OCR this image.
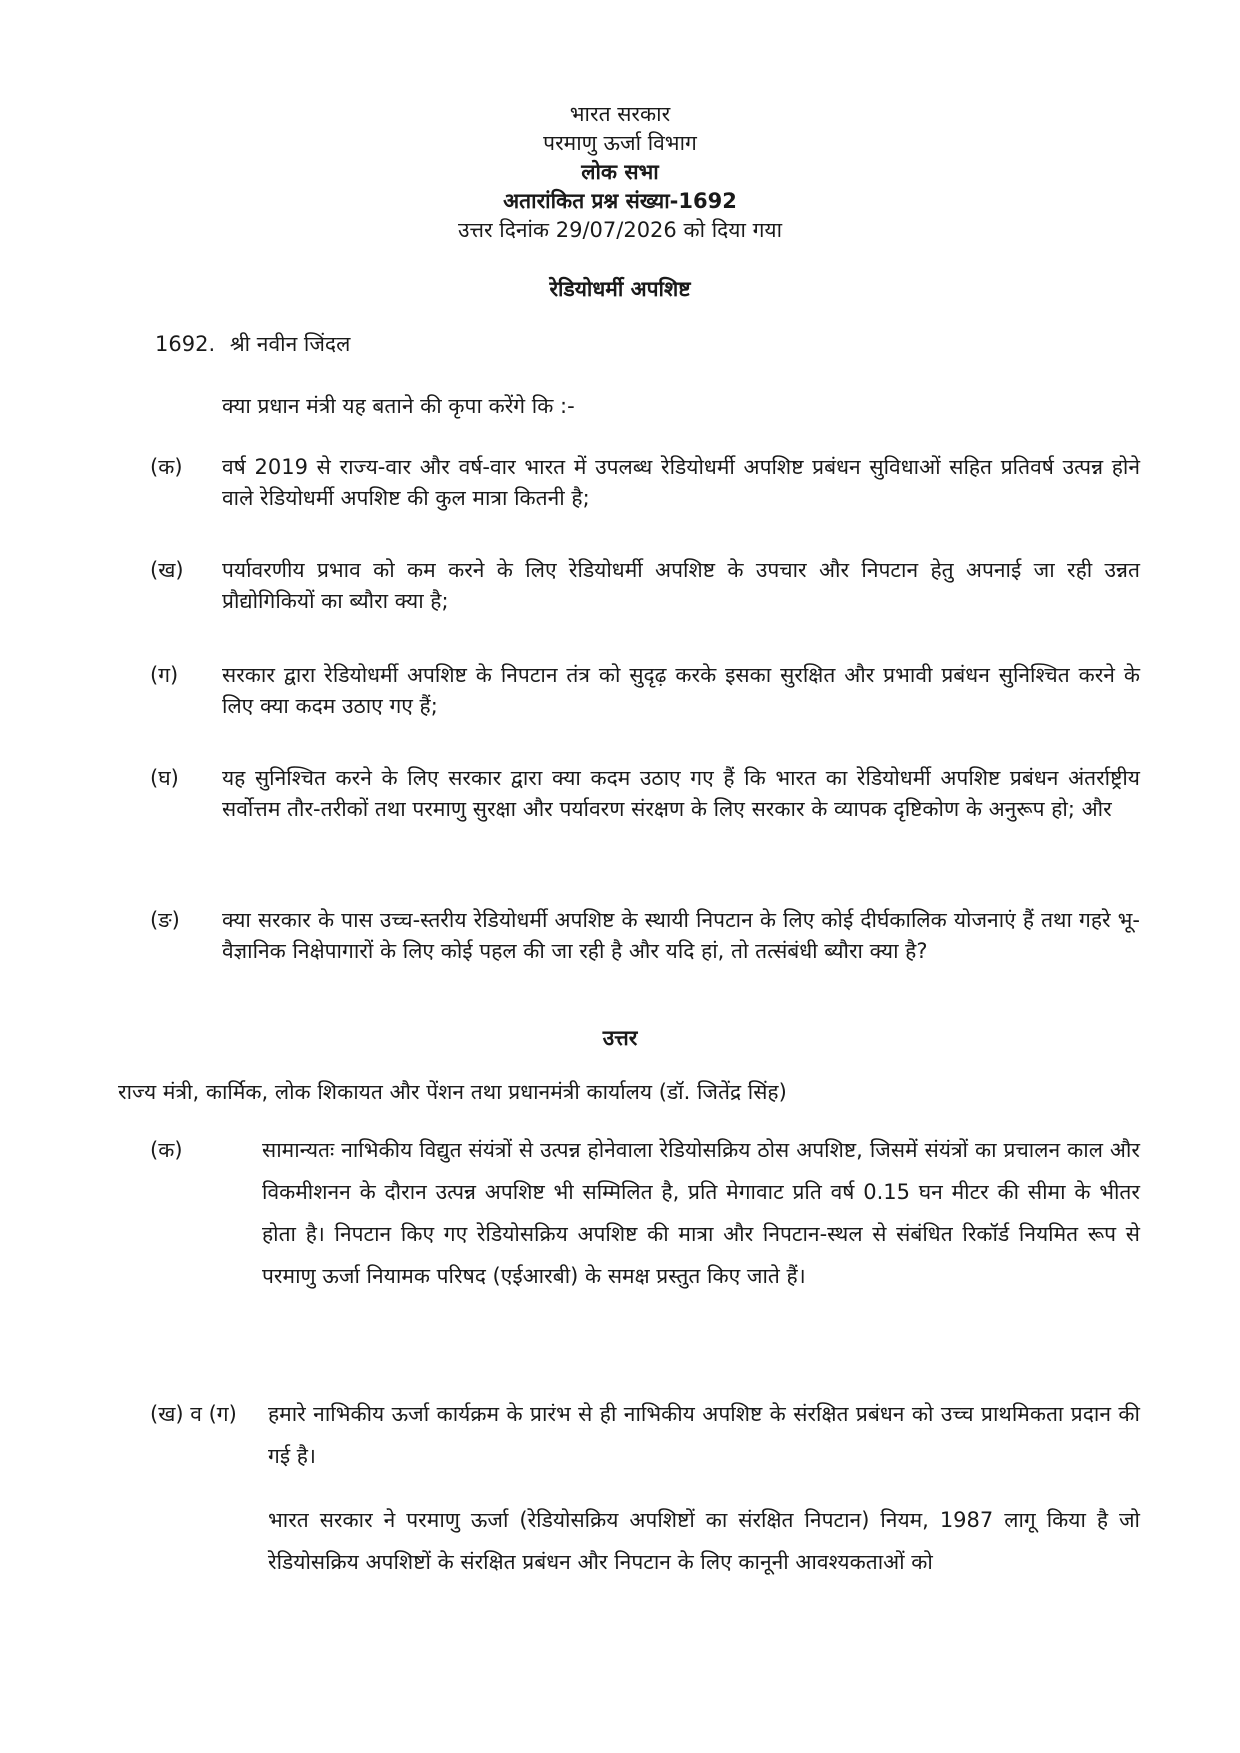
भारत सरकार
परमाणु ऊर्जा विभाग
लोक सभा
अतारांकित प्रश्न संख्या-1692
उत्तर दिनांक 29/07/2026 को दिया गया
रेडियोधर्मी अपशिष्ट
1692. श्री नवीन जिंदल
क्या प्रधान मंत्री यह बताने की कृपा करेंगे कि :-
(क)	वर्ष 2019 से राज्य-वार और वर्ष-वार भारत में उपलब्ध रेडियोधर्मी अपशिष्ट प्रबंधन सुविधाओं सहित प्रतिवर्ष उत्पन्न होने वाले रेडियोधर्मी अपशिष्ट की कुल मात्रा कितनी है;
(ख)	पर्यावरणीय प्रभाव को कम करने के लिए रेडियोधर्मी अपशिष्ट के उपचार और निपटान हेतु अपनाई जा रही उन्नत प्रौद्योगिकियों का ब्यौरा क्या है;
(ग)	सरकार द्वारा रेडियोधर्मी अपशिष्ट के निपटान तंत्र को सुदृढ़ करके इसका सुरक्षित और प्रभावी प्रबंधन सुनिश्चित करने के लिए क्या कदम उठाए गए हैं;
(घ)	यह सुनिश्चित करने के लिए सरकार द्वारा क्या कदम उठाए गए हैं कि भारत का रेडियोधर्मी अपशिष्ट प्रबंधन अंतर्राष्ट्रीय सर्वोत्तम तौर-तरीकों तथा परमाणु सुरक्षा और पर्यावरण संरक्षण के लिए सरकार के व्यापक दृष्टिकोण के अनुरूप हो; और
(ङ)	क्या सरकार के पास उच्च-स्तरीय रेडियोधर्मी अपशिष्ट के स्थायी निपटान के लिए कोई दीर्घकालिक योजनाएं हैं तथा गहरे भू-वैज्ञानिक निक्षेपागारों के लिए कोई पहल की जा रही है और यदि हां, तो तत्संबंधी ब्यौरा क्या है?
उत्तर
राज्य मंत्री, कार्मिक, लोक शिकायत और पेंशन तथा प्रधानमंत्री कार्यालय (डॉ. जितेंद्र सिंह)
(क)	सामान्यतः नाभिकीय विद्युत संयंत्रों से उत्पन्न होनेवाला रेडियोसक्रिय ठोस अपशिष्ट, जिसमें संयंत्रों का प्रचालन काल और विकमीशनन के दौरान उत्पन्न अपशिष्ट भी सम्मिलित है, प्रति मेगावाट प्रति वर्ष 0.15 घन मीटर की सीमा के भीतर होता है। निपटान किए गए रेडियोसक्रिय अपशिष्ट की मात्रा और निपटान-स्थल से संबंधित रिकॉर्ड नियमित रूप से परमाणु ऊर्जा नियामक परिषद (एईआरबी) के समक्ष प्रस्तुत किए जाते हैं।
(ख) व (ग)	हमारे नाभिकीय ऊर्जा कार्यक्रम के प्रारंभ से ही नाभिकीय अपशिष्ट के संरक्षित प्रबंधन को उच्च प्राथमिकता प्रदान की गई है।
भारत सरकार ने परमाणु ऊर्जा (रेडियोसक्रिय अपशिष्टों का संरक्षित निपटान) नियम, 1987 लागू किया है जो रेडियोसक्रिय अपशिष्टों के संरक्षित प्रबंधन और निपटान के लिए कानूनी आवश्यकताओं को
